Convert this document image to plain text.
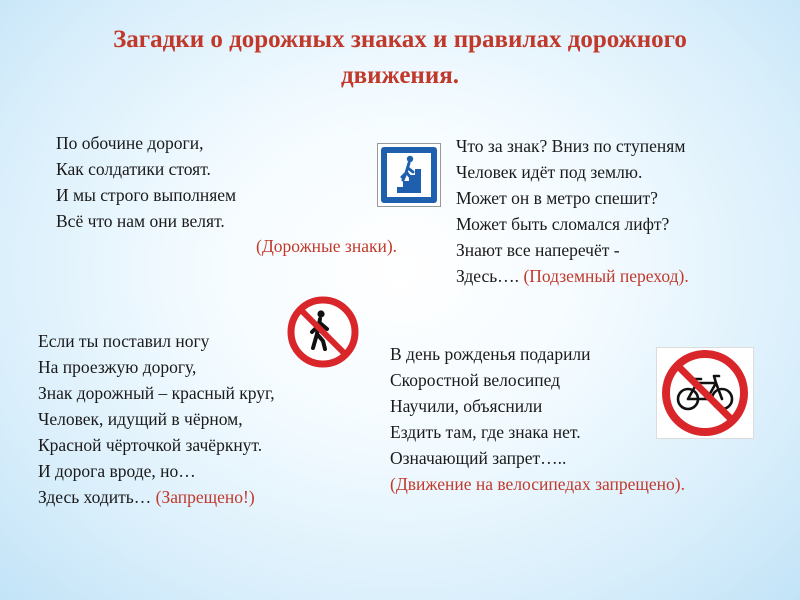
Загадки о дорожных знаках и правилах дорожного
движения.
По обочине дороги,
Как солдатики стоят.
И мы строго выполняем
Всё что нам они велят.
(Дорожные знаки).
Что за знак? Вниз по ступеням
Человек идёт под землю.
Может он в метро спешит?
Может быть сломался лифт?
Знают все наперечёт -
Здесь…. (Подземный переход).
Если ты поставил ногу
На проезжую дорогу,
Знак дорожный – красный круг,
Человек, идущий в чёрном,
Красной чёрточкой зачёркнут.
И дорога вроде, но…
Здесь ходить… (Запрещено!)
В день рожденья подарили
Скоростной велосипед
Научили, объяснили
Ездить там, где знака нет.
Означающий запрет…..
(Движение на велосипедах запрещено).
